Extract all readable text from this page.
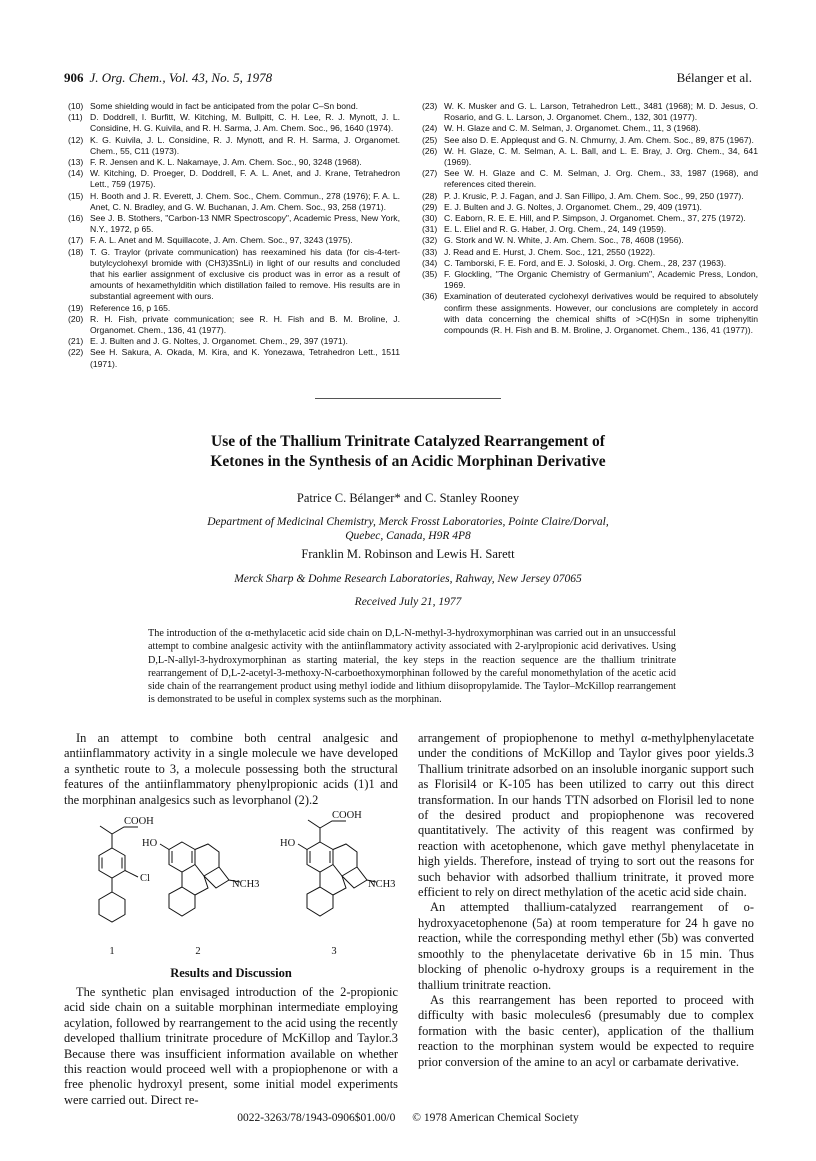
906 J. Org. Chem., Vol. 43, No. 5, 1978	Bélanger et al.
(10) Some shielding would in fact be anticipated from the polar C–Sn bond.
(11) D. Doddrell, I. Burfitt, W. Kitching, M. Bullpitt, C. H. Lee, R. J. Mynott, J. L. Considine, H. G. Kuivila, and R. H. Sarma, J. Am. Chem. Soc., 96, 1640 (1974).
(12) K. G. Kuivila, J. L. Considine, R. J. Mynott, and R. H. Sarma, J. Organomet. Chem., 55, C11 (1973).
(13) F. R. Jensen and K. L. Nakamaye, J. Am. Chem. Soc., 90, 3248 (1968).
(14) W. Kitching, D. Proeger, D. Doddrell, F. A. L. Anet, and J. Krane, Tetrahedron Lett., 759 (1975).
(15) H. Booth and J. R. Everett, J. Chem. Soc., Chem. Commun., 278 (1976); F. A. L. Anet, C. N. Bradley, and G. W. Buchanan, J. Am. Chem. Soc., 93, 258 (1971).
(16) See J. B. Stothers, "Carbon-13 NMR Spectroscopy", Academic Press, New York, N.Y., 1972, p 65.
(17) F. A. L. Anet and M. Squillacote, J. Am. Chem. Soc., 97, 3243 (1975).
(18) T. G. Traylor (private communication) has reexamined his data (for cis-4-tert-butylcyclohexyl bromide with (CH3)3SnLi) in light of our results and concluded that his earlier assignment of exclusive cis product was in error as a result of amounts of hexamethylditin which distillation failed to remove. His results are in substantial agreement with ours.
(19) Reference 16, p 165.
(20) R. H. Fish, private communication; see R. H. Fish and B. M. Broline, J. Organomet. Chem., 136, 41 (1977).
(21) E. J. Bulten and J. G. Noltes, J. Organomet. Chem., 29, 397 (1971).
(22) See H. Sakura, A. Okada, M. Kira, and K. Yonezawa, Tetrahedron Lett., 1511 (1971).
(23) W. K. Musker and G. L. Larson, Tetrahedron Lett., 3481 (1968); M. D. Jesus, O. Rosario, and G. L. Larson, J. Organomet. Chem., 132, 301 (1977).
(24) W. H. Glaze and C. M. Selman, J. Organomet. Chem., 11, 3 (1968).
(25) See also D. E. Applequst and G. N. Chmurny, J. Am. Chem. Soc., 89, 875 (1967).
(26) W. H. Glaze, C. M. Selman, A. L. Ball, and L. E. Bray, J. Org. Chem., 34, 641 (1969).
(27) See W. H. Glaze and C. M. Selman, J. Org. Chem., 33, 1987 (1968), and references cited therein.
(28) P. J. Krusic, P. J. Fagan, and J. San Fillipo, J. Am. Chem. Soc., 99, 250 (1977).
(29) E. J. Bulten and J. G. Noltes, J. Organomet. Chem., 29, 409 (1971).
(30) C. Eaborn, R. E. E. Hill, and P. Simpson, J. Organomet. Chem., 37, 275 (1972).
(31) E. L. Eliel and R. G. Haber, J. Org. Chem., 24, 149 (1959).
(32) G. Stork and W. N. White, J. Am. Chem. Soc., 78, 4608 (1956).
(33) J. Read and E. Hurst, J. Chem. Soc., 121, 2550 (1922).
(34) C. Tamborski, F. E. Ford, and E. J. Soloski, J. Org. Chem., 28, 237 (1963).
(35) F. Glockling, "The Organic Chemistry of Germanium", Academic Press, London, 1969.
(36) Examination of deuterated cyclohexyl derivatives would be required to absolutely confirm these assignments. However, our conclusions are completely in accord with data concerning the chemical shifts of >C(H)Sn in some triphenyltin compounds (R. H. Fish and B. M. Broline, J. Organomet. Chem., 136, 41 (1977)).
Use of the Thallium Trinitrate Catalyzed Rearrangement of
Ketones in the Synthesis of an Acidic Morphinan Derivative
Patrice C. Bélanger* and C. Stanley Rooney
Department of Medicinal Chemistry, Merck Frosst Laboratories, Pointe Claire/Dorval,
Quebec, Canada, H9R 4P8
Franklin M. Robinson and Lewis H. Sarett
Merck Sharp & Dohme Research Laboratories, Rahway, New Jersey 07065
Received July 21, 1977
The introduction of the α-methylacetic acid side chain on D,L-N-methyl-3-hydroxymorphinan was carried out in an unsuccessful attempt to combine analgesic activity with the antiinflammatory activity associated with 2-arylpropionic acid derivatives. Using D,L-N-allyl-3-hydroxymorphinan as starting material, the key steps in the reaction sequence are the thallium trinitrate rearrangement of D,L-2-acetyl-3-methoxy-N-carboethoxymorphinan followed by the careful monomethylation of the acetic acid side chain of the rearrangement product using methyl iodide and lithium diisopropylamide. The Taylor–McKillop rearrangement is demonstrated to be useful in complex systems such as the morphinan.

In an attempt to combine both central analgesic and antiinflammatory activity in a single molecule we have developed a synthetic route to 3, a molecule possessing both the structural features of the antiinflammatory phenylpropionic acids (1)1 and the morphinan analgesics such as levorphanol (2).2

COOH
Cl
1
HO
NCH3
2
COOH
HO
NCH3
3
Results and Discussion

The synthetic plan envisaged introduction of the 2-propionic acid side chain on a suitable morphinan intermediate employing acylation, followed by rearrangement to the acid using the recently developed thallium trinitrate procedure of McKillop and Taylor.3 Because there was insufficient information available on whether this reaction would proceed well with a propiophenone or with a free phenolic hydroxyl present, some initial model experiments were carried out. Direct re-

arrangement of propiophenone to methyl α-methylphenylacetate under the conditions of McKillop and Taylor gives poor yields.3 Thallium trinitrate adsorbed on an insoluble inorganic support such as Florisil4 or K-105 has been utilized to carry out this direct transformation. In our hands TTN adsorbed on Florisil led to none of the desired product and propiophenone was recovered quantitatively. The activity of this reagent was confirmed by reaction with acetophenone, which gave methyl phenylacetate in high yields. Therefore, instead of trying to sort out the reasons for such behavior with adsorbed thallium trinitrate, it proved more efficient to rely on direct methylation of the acetic acid side chain.

An attempted thallium-catalyzed rearrangement of o-hydroxyacetophenone (5a) at room temperature for 24 h gave no reaction, while the corresponding methyl ether (5b) was converted smoothly to the phenylacetate derivative 6b in 15 min. Thus blocking of phenolic o-hydroxy groups is a requirement in the thallium trinitrate reaction.

As this rearrangement has been reported to proceed with difficulty with basic molecules6 (presumably due to complex formation with the basic center), application of the thallium reaction to the morphinan system would be expected to require prior conversion of the amine to an acyl or carbamate derivative.

0022-3263/78/1943-0906$01.00/0 © 1978 American Chemical Society
